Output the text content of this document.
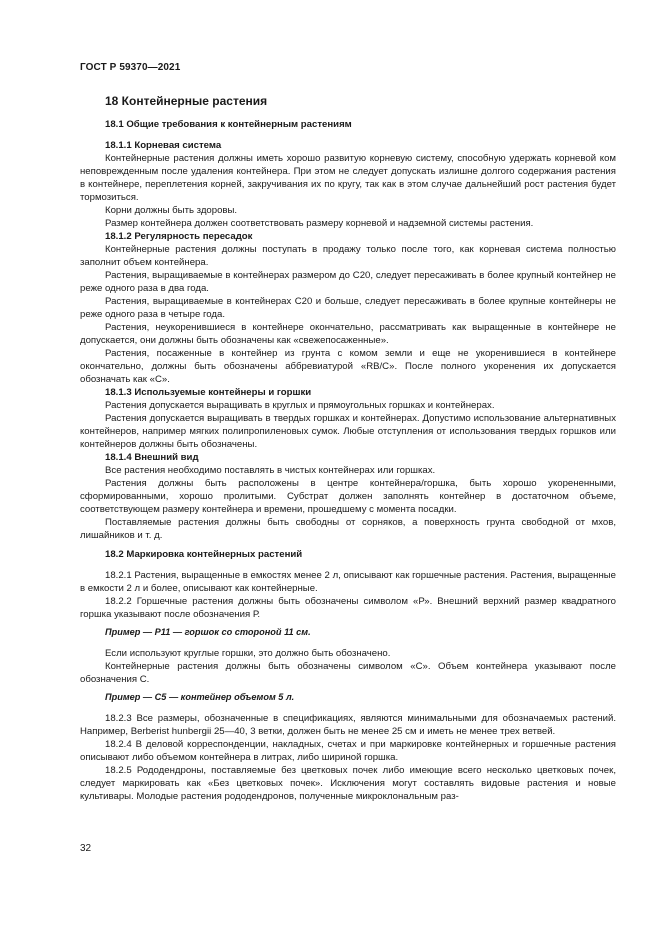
ГОСТ Р 59370—2021
18 Контейнерные растения
18.1 Общие требования к контейнерным растениям
18.1.1 Корневая система

Контейнерные растения должны иметь хорошо развитую корневую систему, способную удержать корневой ком неповрежденным после удаления контейнера. При этом не следует допускать излишне долгого содержания растения в контейнере, переплетения корней, закручивания их по кругу, так как в этом случае дальнейший рост растения будет тормозиться.

Корни должны быть здоровы.

Размер контейнера должен соответствовать размеру корневой и надземной системы растения.

18.1.2 Регулярность пересадок

Контейнерные растения должны поступать в продажу только после того, как корневая система полностью заполнит объем контейнера.

Растения, выращиваемые в контейнерах размером до С20, следует пересаживать в более крупный контейнер не реже одного раза в два года.

Растения, выращиваемые в контейнерах С20 и больше, следует пересаживать в более крупные контейнеры не реже одного раза в четыре года.

Растения, неукоренившиеся в контейнере окончательно, рассматривать как выращенные в контейнере не допускается, они должны быть обозначены как «свежепосаженные».

Растения, посаженные в контейнер из грунта с комом земли и еще не укоренившиеся в контейнере окончательно, должны быть обозначены аббревиатурой «RB/C». После полного укоренения их допускается обозначать как «С».

18.1.3 Используемые контейнеры и горшки

Растения допускается выращивать в круглых и прямоугольных горшках и контейнерах.

Растения допускается выращивать в твердых горшках и контейнерах. Допустимо использование альтернативных контейнеров, например мягких полипропиленовых сумок. Любые отступления от использования твердых горшков или контейнеров должны быть обозначены.

18.1.4 Внешний вид

Все растения необходимо поставлять в чистых контейнерах или горшках.

Растения должны быть расположены в центре контейнера/горшка, быть хорошо укорененными, сформированными, хорошо пролитыми. Субстрат должен заполнять контейнер в достаточном объеме, соответствующем размеру контейнера и времени, прошедшему с момента посадки.

Поставляемые растения должны быть свободны от сорняков, а поверхность грунта свободной от мхов, лишайников и т. д.

18.2 Маркировка контейнерных растений

18.2.1 Растения, выращенные в емкостях менее 2 л, описывают как горшечные растения. Растения, выращенные в емкости 2 л и более, описывают как контейнерные.

18.2.2 Горшечные растения должны быть обозначены символом «Р». Внешний верхний размер квадратного горшка указывают после обозначения Р.

Пример — Р11 — горшок со стороной 11 см.

Если используют круглые горшки, это должно быть обозначено.

Контейнерные растения должны быть обозначены символом «С». Объем контейнера указывают после обозначения С.

Пример — С5 — контейнер объемом 5 л.

18.2.3 Все размеры, обозначенные в спецификациях, являются минимальными для обозначаемых растений. Например, Berberist hunbergii 25—40, 3 ветки, должен быть не менее 25 см и иметь не менее трех ветвей.

18.2.4 В деловой корреспонденции, накладных, счетах и при маркировке контейнерных и горшечные растения описывают либо объемом контейнера в литрах, либо шириной горшка.

18.2.5 Рододендроны, поставляемые без цветковых почек либо имеющие всего несколько цветковых почек, следует маркировать как «Без цветковых почек». Исключения могут составлять видовые растения и новые культивары. Молодые растения рододендронов, полученные микроклональным раз-

32
